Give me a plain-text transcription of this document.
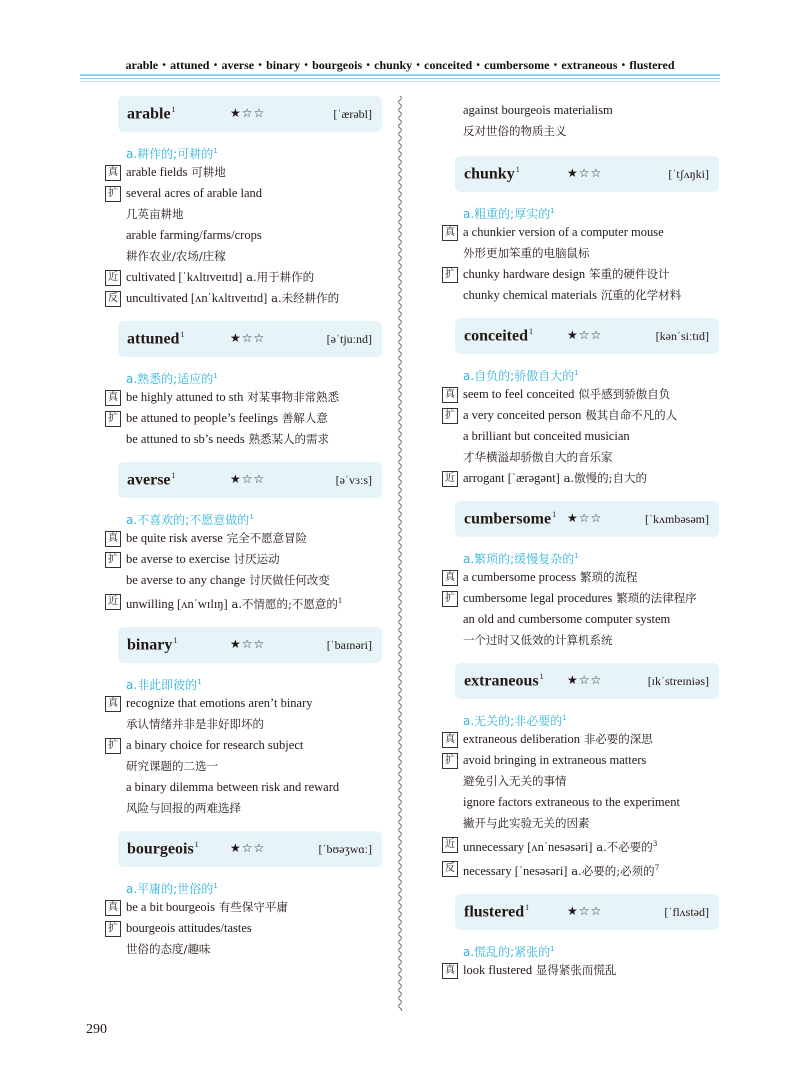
arable・attuned・averse・binary・bourgeois・chunky・conceited・cumbersome・extraneous・flustered
arable$^1$	★☆☆	[ˈærəbl]
a.耕作的;可耕的$^1$
真 arable fields 可耕地
扩 several acres of arable land
几英亩耕地
arable farming/farms/crops
耕作农业/农场/庄稼
近 cultivated [ˈkʌltɪveɪtɪd] a.用于耕作的
反 uncultivated [ʌnˈkʌltɪveɪtɪd] a.未经耕作的
attuned$^1$	★☆☆	[əˈtjuːnd]
a.熟悉的;适应的$^1$
真 be highly attuned to sth 对某事物非常熟悉
扩 be attuned to people’s feelings 善解人意
be attuned to sb’s needs 熟悉某人的需求
averse$^1$	★☆☆	[əˈvɜːs]
a.不喜欢的;不愿意做的$^1$
真 be quite risk averse 完全不愿意冒险
扩 be averse to exercise 讨厌运动
be averse to any change 讨厌做任何改变
近 unwilling [ʌnˈwɪlɪŋ] a.不情愿的;不愿意的$^1$
binary$^1$	★☆☆	[ˈbaɪnəri]
a.非此即彼的$^1$
真 recognize that emotions aren’t binary
承认情绪并非是非好即坏的
扩 a binary choice for research subject
研究课题的二选一
a binary dilemma between risk and reward
风险与回报的两难选择
bourgeois$^1$	★☆☆	[ˈbʊəʒwɑː]
a.平庸的;世俗的$^1$
真 be a bit bourgeois 有些保守平庸
扩 bourgeois attitudes/tastes
世俗的态度/趣味
against bourgeois materialism
反对世俗的物质主义
chunky$^1$	★☆☆	[ˈtʃʌŋki]
a.粗重的;厚实的$^1$
真 a chunkier version of a computer mouse
外形更加笨重的电脑鼠标
扩 chunky hardware design 笨重的硬件设计
chunky chemical materials 沉重的化学材料
conceited$^1$	★☆☆	[kənˈsiːtɪd]
a.自负的;骄傲自大的$^1$
真 seem to feel conceited 似乎感到骄傲自负
扩 a very conceited person 极其自命不凡的人
a brilliant but conceited musician
才华横溢却骄傲自大的音乐家
近 arrogant [ˈærəgənt] a.傲慢的;自大的
cumbersome$^1$ ★☆☆	[ˈkʌmbəsəm]
a.繁琐的;缓慢复杂的$^1$
真 a cumbersome process 繁琐的流程
扩 cumbersome legal procedures 繁琐的法律程序
an old and cumbersome computer system
一个过时又低效的计算机系统
extraneous$^1$ ★☆☆	[ɪkˈstreɪniəs]
a.无关的;非必要的$^1$
真 extraneous deliberation 非必要的深思
扩 avoid bringing in extraneous matters
避免引入无关的事情
ignore factors extraneous to the experiment
撇开与此实验无关的因素
近 unnecessary [ʌnˈnesəsəri] a.不必要的$^3$
反 necessary [ˈnesəsəri] a.必要的;必须的$^7$
flustered$^1$	★☆☆	[ˈflʌstəd]
a.慌乱的;紧张的$^1$
真 look flustered 显得紧张而慌乱
290
